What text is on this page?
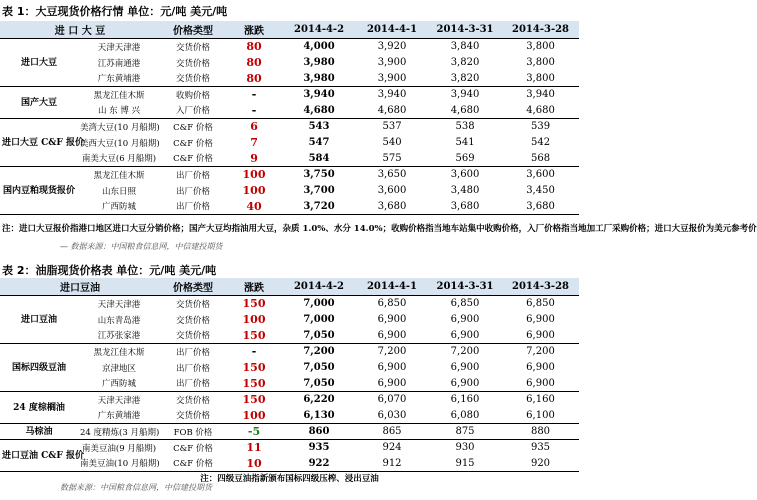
表 1：大豆现货价格行情 单位：元/吨 美元/吨
进 口 大 豆		价格类型	涨跌	2014-4-2	2014-4-1	2014-3-31	2014-3-28
进口大豆	天津天津港	交货价格	80	4,000	3,920	3,840	3,800
	江苏南通港	交货价格	80	3,980	3,900	3,820	3,800
	广东黄埔港	交货价格	80	3,980	3,900	3,820	3,800
国产大豆	黑龙江佳木斯	收购价格	-	3,940	3,940	3,940	3,940
	山 东 博 兴	入厂价格	-	4,680	4,680	4,680	4,680
进口大豆 C&F 报价	美湾大豆(10 月船期)	C&F 价格	6	543	537	538	539
	美西大豆(10 月船期)	C&F 价格	7	547	540	541	542
	南美大豆(6 月船期)	C&F 价格	9	584	575	569	568
国内豆粕现货报价	黑龙江佳木斯	出厂价格	100	3,750	3,650	3,600	3,600
	山东日照	出厂价格	100	3,700	3,600	3,480	3,450
	广西防城	出厂价格	40	3,720	3,680	3,680	3,680
注：进口大豆报价指港口地区进口大豆分销价格；国产大豆均指油用大豆，杂质 1.0%、水分 14.0%；收购价格指当地车站集中收购价格，入厂价格指当地加工厂采购价格；进口大豆报价为美元参考价							
— 数据来源：中国粮食信息网，中信建投期货
表 2：油脂现货价格表 单位：元/吨 美元/吨
进口豆油		价格类型	涨跌	2014-4-2	2014-4-1	2014-3-31	2014-3-28
进口豆油	天津天津港	交货价格	150	7,000	6,850	6,850	6,850
	山东青岛港	交货价格	100	7,000	6,900	6,900	6,900
	江苏张家港	交货价格	150	7,050	6,900	6,900	6,900
国标四级豆油	黑龙江佳木斯	出厂价格	-	7,200	7,200	7,200	7,200
	京津地区	出厂价格	150	7,050	6,900	6,900	6,900
	广西防城	出厂价格	150	7,050	6,900	6,900	6,900
24 度棕榈油	天津天津港	交货价格	150	6,220	6,070	6,160	6,160
	广东黄埔港	交货价格	100	6,130	6,030	6,080	6,100
马棕油	24 度精炼(3 月船期)	FOB 价格	-5	860	865	875	880
进口豆油 C&F 报价	南美豆油(9 月船期)	C&F 价格	11	935	924	930	935
	南美豆油(10 月船期)	C&F 价格	10	922	912	915	920
注：四级豆油指新颁布国标四级压榨、浸出豆油							
数据来源：中国粮食信息网，中信建投期货
